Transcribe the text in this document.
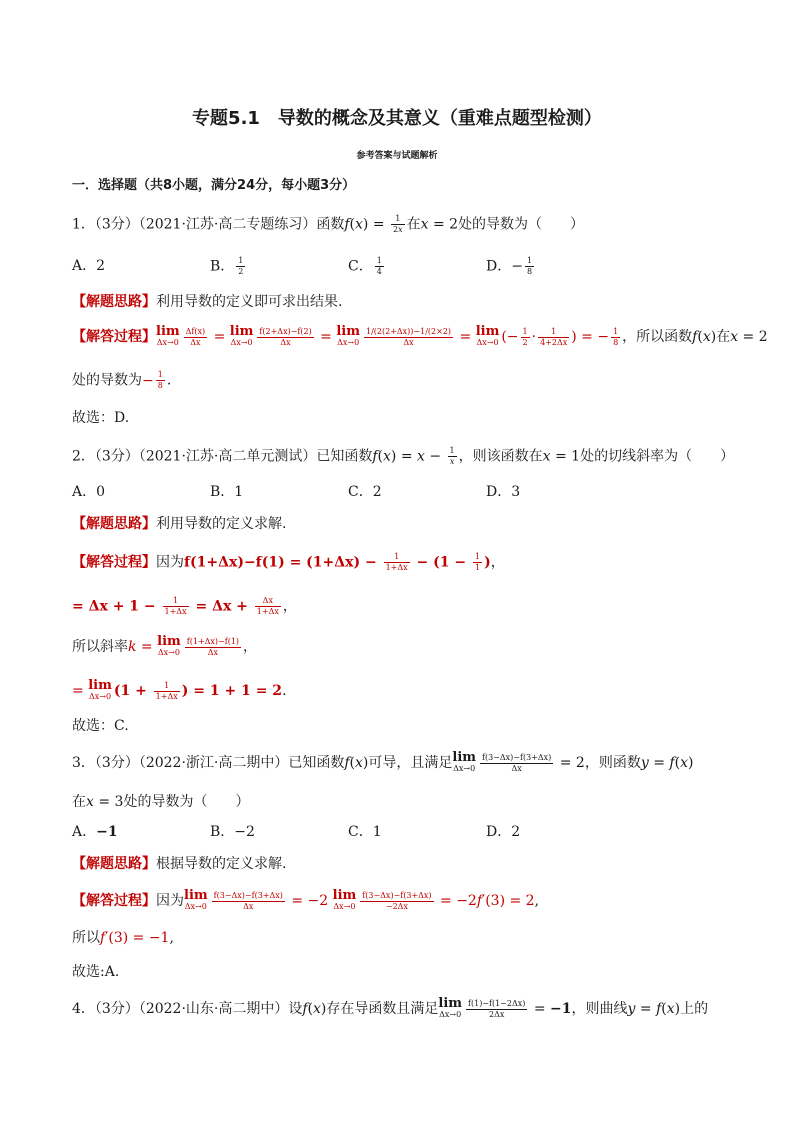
专题5.1　导数的概念及其意义（重难点题型检测）
参考答案与试题解析
一．选择题（共8小题，满分24分，每小题3分）
1．（3分）（2021·江苏·高二专题练习）函数$f(x) = \frac{1}{2x}$ 在x = 2处的导数为（　　）
A．2	B． $\frac{1}{2}$	C． $\frac{1}{4}$	D．− $\frac{1}{8}$
【解题思路】利用导数的定义即可求出结果.
【解答过程】 lim
$\Delta x\to 0 \frac{\Delta f(x)}{\Delta x} = \lim$
$\Delta x\to 0 \frac{f(2+\Delta x)-f(2)}{\Delta x} = \lim$
$\Delta x\to 0 \frac{1/(2(2+\Delta x))-1/(2\times 2)}{\Delta x} = \lim$
Δx→0 (− $\frac{1}{2} \cdot \frac{1}{4+2\Delta x}$ ) = − $\frac{1}{8}$ ，所以函数f(x)在x = 2
处的导数为− $\frac{1}{8}$ .
故选：D.
2．（3分）（2021·江苏·高二单元测试）已知函数$f(x) = x - \frac{1}{x}$ ，则该函数在x = 1处的切线斜率为（　　）
A．0	B．1	C．2	D．3
【解题思路】利用导数的定义求解.
【解答过程】因为$f(1+\Delta x)-f(1) = (1+\Delta x) - \frac{1}{1+\Delta x} - (1 - \frac{1}{1}$ )，
= $\Delta x + 1 - \frac{1}{1+\Delta x} = \Delta x + \frac{\Delta x}{1+\Delta x}$ ，
所以斜率k = lim
$\Delta x\to 0 \frac{f(1+\Delta x)-f(1)}{\Delta x}$ ，
= lim
Δx→0 ($1 + \frac{1}{1+\Delta x}$ ) = 1 + 1 = 2.
故选：C.
3．（3分）（2022·浙江·高二期中）已知函数f(x)可导，且满足 lim
$\Delta x\to 0 \frac{f(3-\Delta x)-f(3+\Delta x)}{\Delta x} = 2$，则函数y = f(x)
在x = 3处的导数为（　　）
A．−1	B．−2	C．1	D．2
【解题思路】根据导数的定义求解.
【解答过程】因为 lim
$\Delta x\to 0 \frac{f(3-\Delta x)-f(3+\Delta x)}{\Delta x} = -2$ lim
$\Delta x\to 0 \frac{f(3-\Delta x)-f(3+\Delta x)}{-2\Delta x} = -2f'(3) = 2$,
所以f′(3) = −1,
故选:A.
4．（3分）（2022·山东·高二期中）设f(x)存在导函数且满足 lim
$\Delta x\to 0 \frac{f(1)-f(1-2\Delta x)}{2\Delta x} = -1$，则曲线y = f(x)上的
